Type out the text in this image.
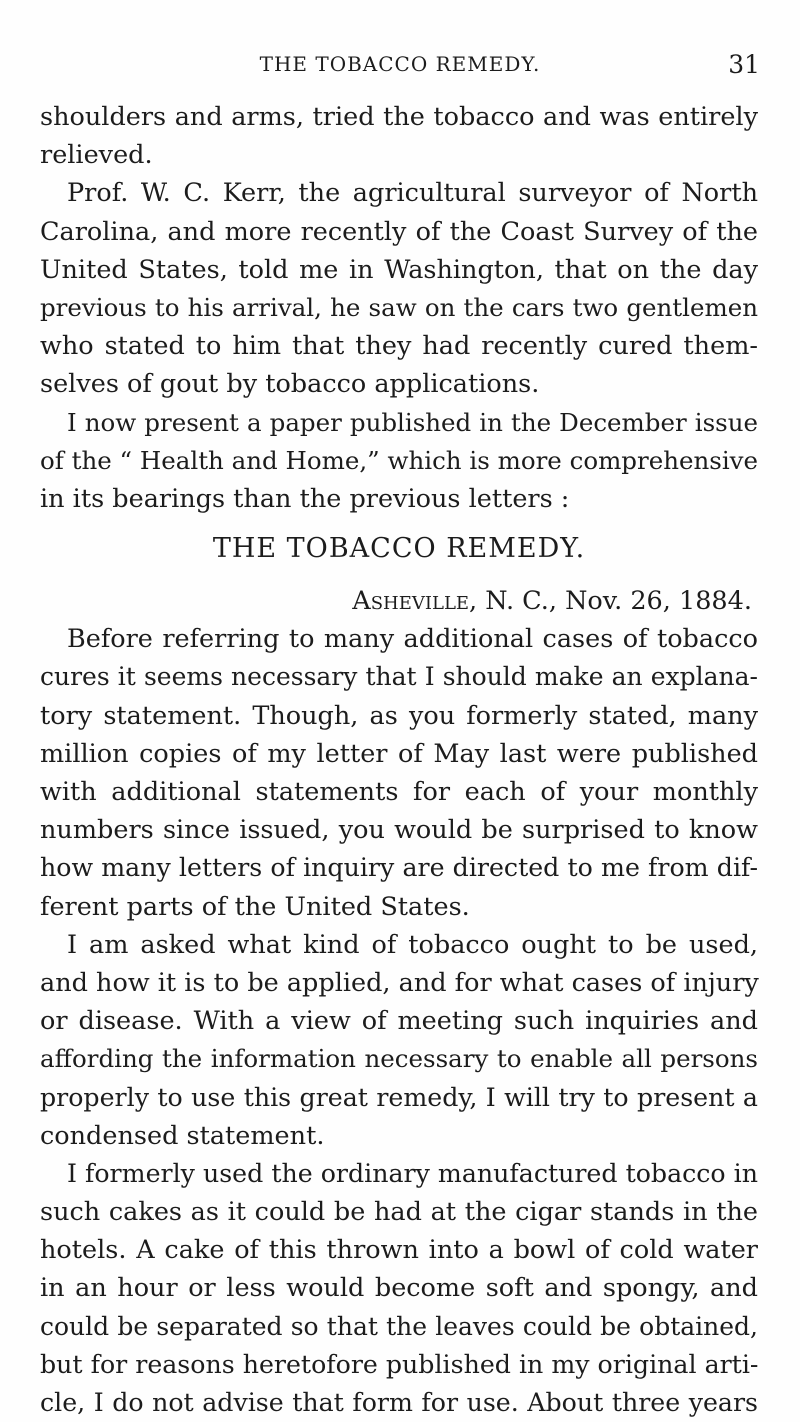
THE TOBACCO REMEDY.	31
shoulders and arms, tried the tobacco and was entirely
relieved.
Prof. W. C. Kerr, the agricultural surveyor of North
Carolina, and more recently of the Coast Survey of the
United States, told me in Washington, that on the day
previous to his arrival, he saw on the cars two gentlemen
who stated to him that they had recently cured them-
selves of gout by tobacco applications.
I now present a paper published in the December issue
of the “ Health and Home,” which is more comprehensive
in its bearings than the previous letters :
THE TOBACCO REMEDY.
Asheville, N. C., Nov. 26, 1884.
Before referring to many additional cases of tobacco
cures it seems necessary that I should make an explana-
tory statement. Though, as you formerly stated, many
million copies of my letter of May last were published
with additional statements for each of your monthly
numbers since issued, you would be surprised to know
how many letters of inquiry are directed to me from dif-
ferent parts of the United States.
I am asked what kind of tobacco ought to be used,
and how it is to be applied, and for what cases of injury
or disease. With a view of meeting such inquiries and
affording the information necessary to enable all persons
properly to use this great remedy, I will try to present a
condensed statement.
I formerly used the ordinary manufactured tobacco in
such cakes as it could be had at the cigar stands in the
hotels. A cake of this thrown into a bowl of cold water
in an hour or less would become soft and spongy, and
could be separated so that the leaves could be obtained,
but for reasons heretofore published in my original arti-
cle, I do not advise that form for use. About three years
